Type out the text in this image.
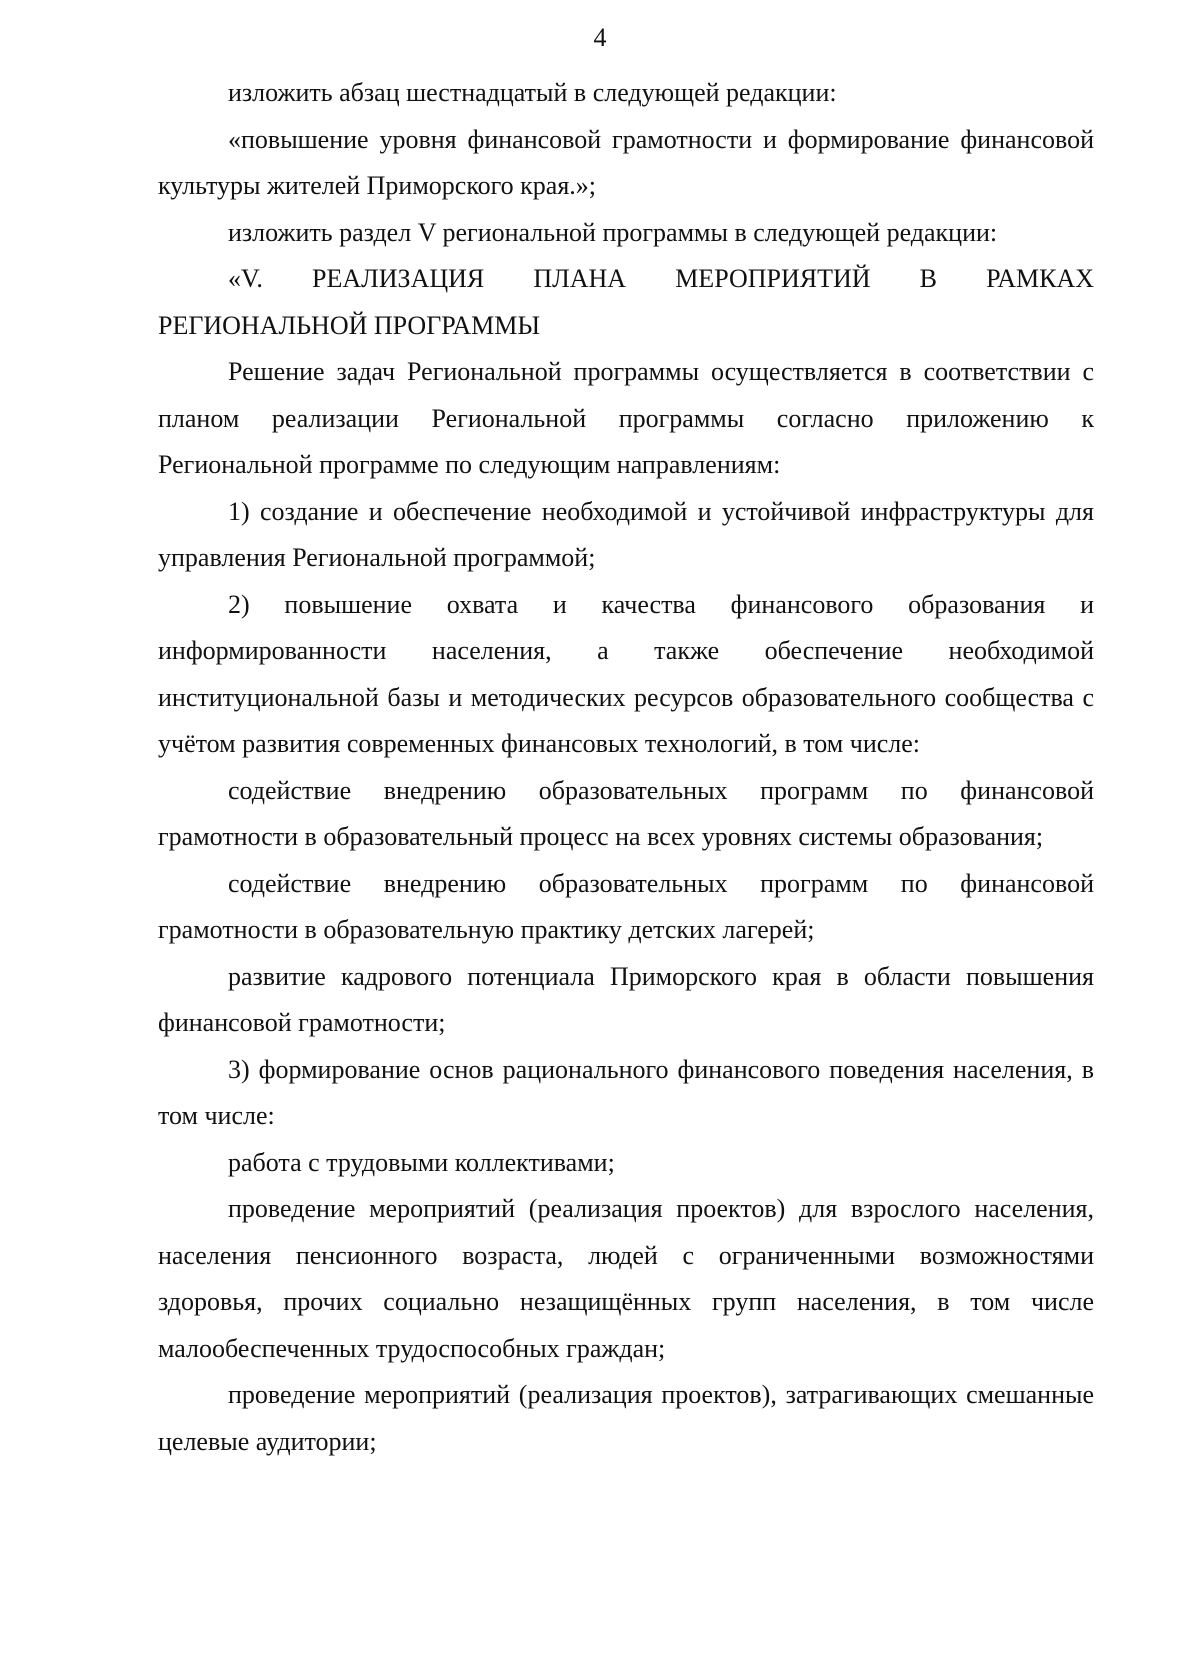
4

изложить абзац шестнадцатый в следующей редакции:

«повышение уровня финансовой грамотности и формирование финансовой культуры жителей Приморского края.»;

изложить раздел V региональной программы в следующей редакции:

«V. РЕАЛИЗАЦИЯ ПЛАНА МЕРОПРИЯТИЙ В РАМКАХ РЕГИОНАЛЬНОЙ ПРОГРАММЫ

Решение задач Региональной программы осуществляется в соответствии с планом реализации Региональной программы согласно приложению к Региональной программе по следующим направлениям:

1) создание и обеспечение необходимой и устойчивой инфраструктуры для управления Региональной программой;

2) повышение охвата и качества финансового образования и информированности населения, а также обеспечение необходимой институциональной базы и методических ресурсов образовательного сообщества с учётом развития современных финансовых технологий, в том числе:

содействие внедрению образовательных программ по финансовой грамотности в образовательный процесс на всех уровнях системы образования;

содействие внедрению образовательных программ по финансовой грамотности в образовательную практику детских лагерей;

развитие кадрового потенциала Приморского края в области повышения финансовой грамотности;

3) формирование основ рационального финансового поведения населения, в том числе:

работа с трудовыми коллективами;

проведение мероприятий (реализация проектов) для взрослого населения, населения пенсионного возраста, людей с ограниченными возможностями здоровья, прочих социально незащищённых групп населения, в том числе малообеспеченных трудоспособных граждан;

проведение мероприятий (реализация проектов), затрагивающих смешанные целевые аудитории;
